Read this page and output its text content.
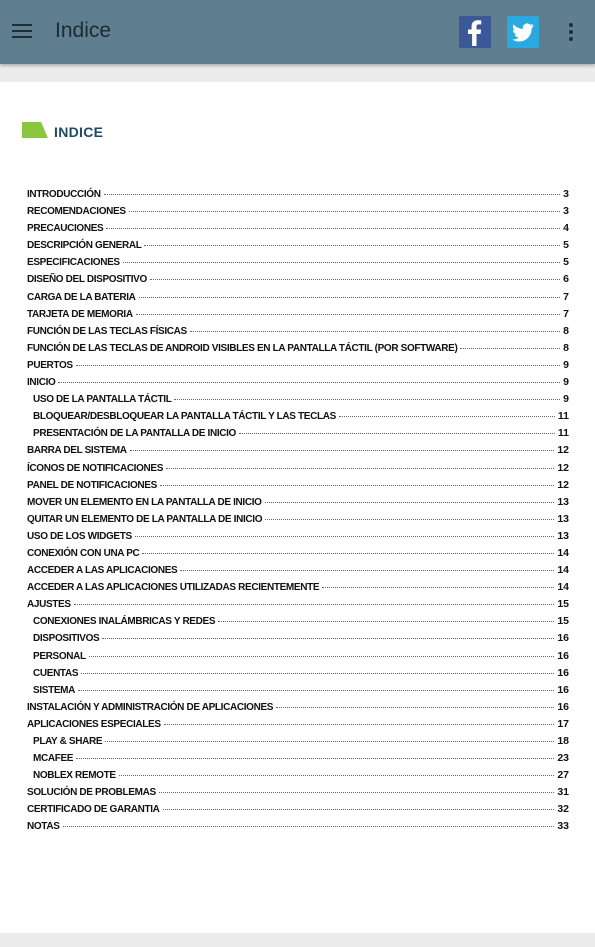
Indice
INDICE
INTRODUCCIÓN	3
RECOMENDACIONES	3
PRECAUCIONES	4
DESCRIPCIÓN GENERAL	5
ESPECIFICACIONES	5
DISEÑO DEL DISPOSITIVO	6
CARGA DE LA BATERIA	7
TARJETA DE MEMORIA	7
FUNCIÓN DE LAS TECLAS FÍSICAS	8
FUNCIÓN DE LAS TECLAS DE ANDROID VISIBLES EN LA PANTALLA TÁCTIL (POR SOFTWARE)	8
PUERTOS	9
INICIO	9
USO DE LA PANTALLA TÁCTIL	9
BLOQUEAR/DESBLOQUEAR LA PANTALLA TÁCTIL Y LAS TECLAS	11
PRESENTACIÓN DE LA PANTALLA DE INICIO	11
BARRA DEL SISTEMA	12
ÍCONOS DE NOTIFICACIONES	12
PANEL DE NOTIFICACIONES	12
MOVER UN ELEMENTO EN LA PANTALLA DE INICIO	13
QUITAR UN ELEMENTO DE LA PANTALLA DE INICIO	13
USO DE LOS WIDGETS	13
CONEXIÓN CON UNA PC	14
ACCEDER A LAS APLICACIONES	14
ACCEDER A LAS APLICACIONES UTILIZADAS RECIENTEMENTE	14
AJUSTES	15
CONEXIONES INALÁMBRICAS Y REDES	15
DISPOSITIVOS	16
PERSONAL	16
CUENTAS	16
SISTEMA	16
INSTALACIÓN Y ADMINISTRACIÓN DE APLICACIONES	16
APLICACIONES ESPECIALES	17
PLAY & SHARE	18
MCAFEE	23
NOBLEX REMOTE	27
SOLUCIÓN DE PROBLEMAS	31
CERTIFICADO DE GARANTIA	32
NOTAS	33
